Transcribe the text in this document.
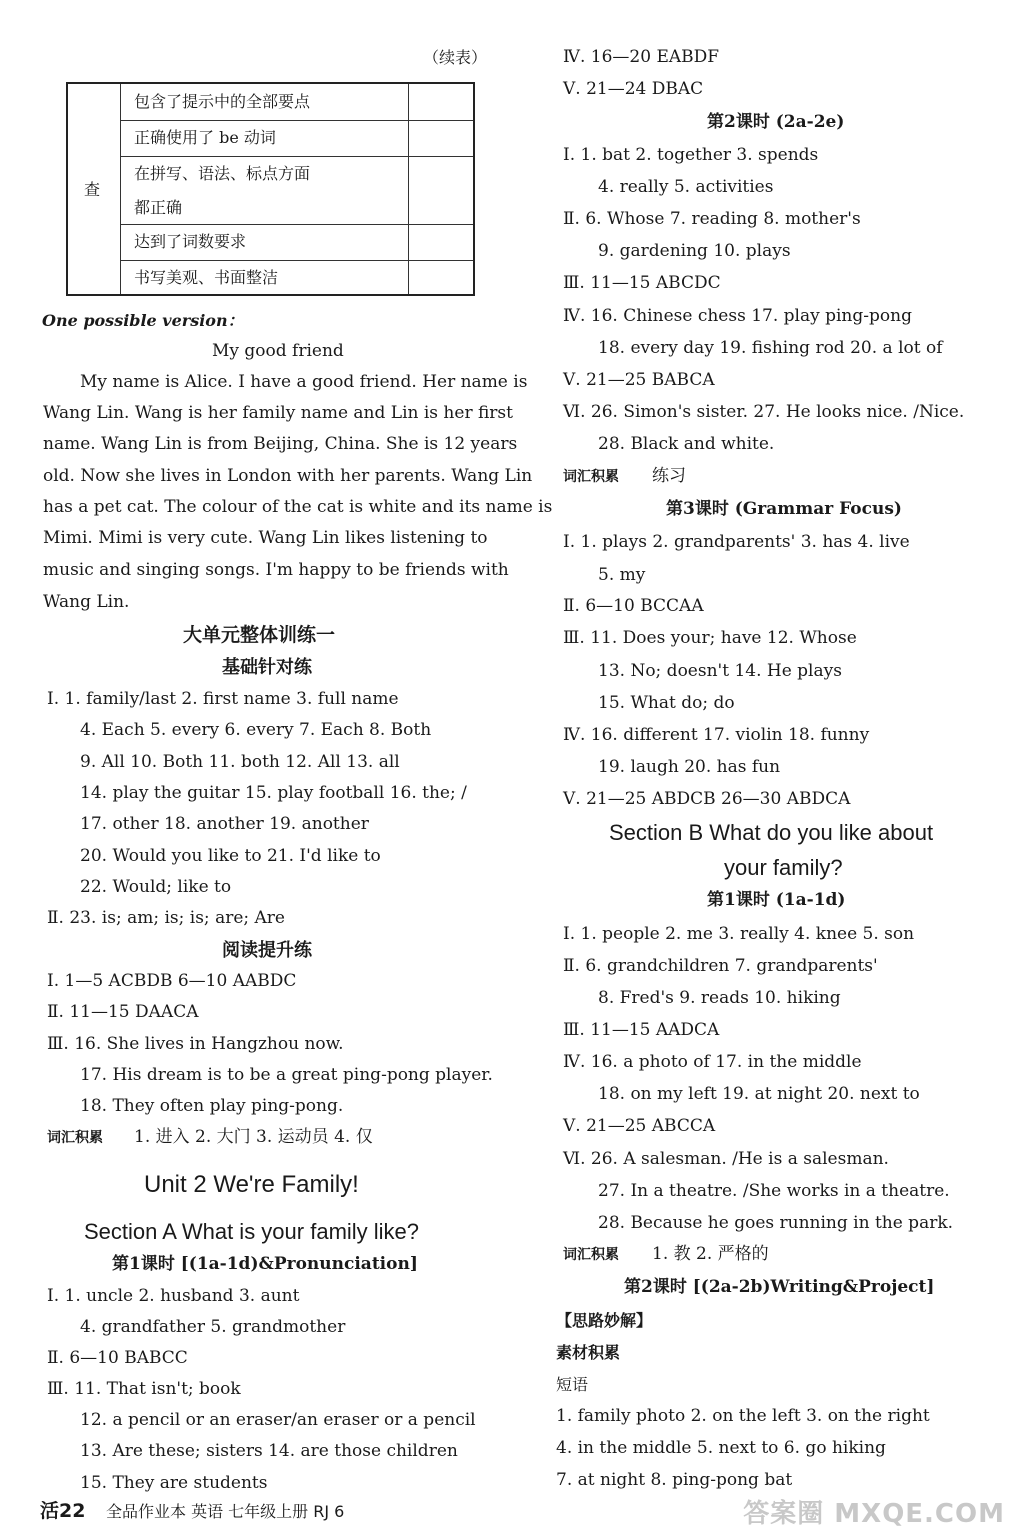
（续表）
查
包含了提示中的全部要点
正确使用了 be 动词
在拼写、语法、标点方面
都正确
达到了词数要求
书写美观、书面整洁
One possible version：
My good friend
My name is Alice. I have a good friend. Her name is
Wang Lin. Wang is her family name and Lin is her first
name. Wang Lin is from Beijing, China. She is 12 years
old. Now she lives in London with her parents. Wang Lin
has a pet cat. The colour of the cat is white and its name is
Mimi. Mimi is very cute. Wang Lin likes listening to
music and singing songs. I'm happy to be friends with
Wang Lin.
大单元整体训练一
基础针对练
Ⅰ. 1. family/last 2. first name 3. full name
4. Each 5. every 6. every 7. Each 8. Both
9. All 10. Both 11. both 12. All 13. all
14. play the guitar 15. play football 16. the; /
17. other 18. another 19. another
20. Would you like to 21. I'd like to
22. Would; like to
Ⅱ. 23. is; am; is; is; are; Are
阅读提升练
Ⅰ. 1—5 ACBDB 6—10 AABDC
Ⅱ. 11—15 DAACA
Ⅲ. 16. She lives in Hangzhou now.
17. His dream is to be a great ping-pong player.
18. They often play ping-pong.
词汇积累 1. 进入 2. 大门 3. 运动员 4. 仅
Unit 2 We're Family!
Section A What is your family like?
第1课时 [(1a-1d)&Pronunciation]
Ⅰ. 1. uncle 2. husband 3. aunt
4. grandfather 5. grandmother
Ⅱ. 6—10 BABCC
Ⅲ. 11. That isn't; book
12. a pencil or an eraser/an eraser or a pencil
13. Are these; sisters 14. are those children
15. They are students
活22 全品作业本 英语 七年级上册 RJ 6
Ⅳ. 16—20 EABDF
Ⅴ. 21—24 DBAC
第2课时 (2a-2e)
Ⅰ. 1. bat 2. together 3. spends
4. really 5. activities
Ⅱ. 6. Whose 7. reading 8. mother's
9. gardening 10. plays
Ⅲ. 11—15 ABCDC
Ⅳ. 16. Chinese chess 17. play ping-pong
18. every day 19. fishing rod 20. a lot of
Ⅴ. 21—25 BABCA
Ⅵ. 26. Simon's sister. 27. He looks nice. /Nice.
28. Black and white.
词汇积累 练习
第3课时 (Grammar Focus)
Ⅰ. 1. plays 2. grandparents' 3. has 4. live
5. my
Ⅱ. 6—10 BCCAA
Ⅲ. 11. Does your; have 12. Whose
13. No; doesn't 14. He plays
15. What do; do
Ⅳ. 16. different 17. violin 18. funny
19. laugh 20. has fun
Ⅴ. 21—25 ABDCB 26—30 ABDCA
Section B What do you like about
your family?
第1课时 (1a-1d)
Ⅰ. 1. people 2. me 3. really 4. knee 5. son
Ⅱ. 6. grandchildren 7. grandparents'
8. Fred's 9. reads 10. hiking
Ⅲ. 11—15 AADCA
Ⅳ. 16. a photo of 17. in the middle
18. on my left 19. at night 20. next to
Ⅴ. 21—25 ABCCA
Ⅵ. 26. A salesman. /He is a salesman.
27. In a theatre. /She works in a theatre.
28. Because he goes running in the park.
词汇积累 1. 教 2. 严格的
第2课时 [(2a-2b)Writing&Project]
【思路妙解】
素材积累
短语
1. family photo 2. on the left 3. on the right
4. in the middle 5. next to 6. go hiking
7. at night 8. ping-pong bat
答案圈 MXQE.COM
